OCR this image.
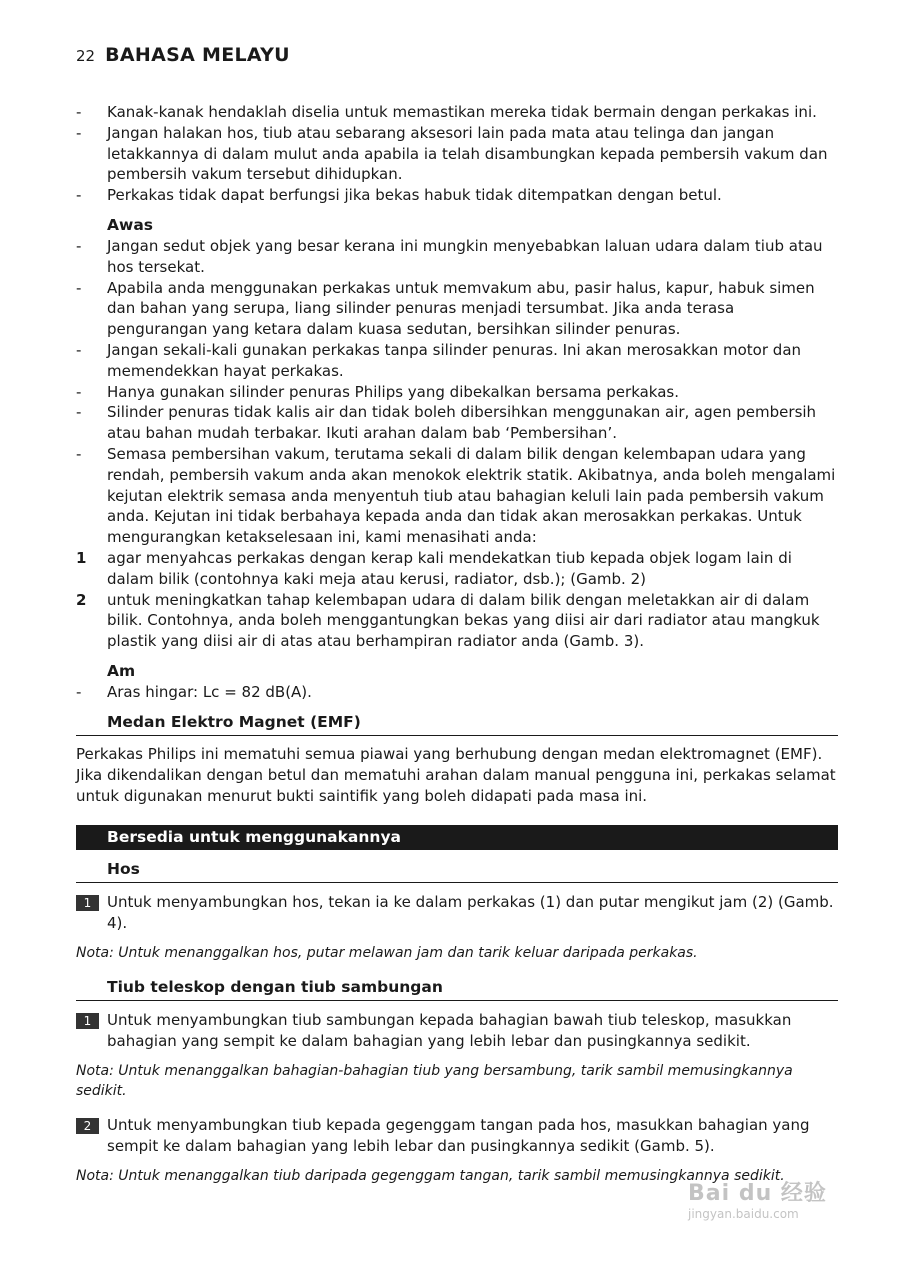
22 BAHASA MELAYU

-	Kanak-kanak hendaklah diselia untuk memastikan mereka tidak bermain dengan perkakas ini.

-	Jangan halakan hos, tiub atau sebarang aksesori lain pada mata atau telinga dan jangan letakkannya di dalam mulut anda apabila ia telah disambungkan kepada pembersih vakum dan pembersih vakum tersebut dihidupkan.

-	Perkakas tidak dapat berfungsi jika bekas habuk tidak ditempatkan dengan betul.

Awas

-	Jangan sedut objek yang besar kerana ini mungkin menyebabkan laluan udara dalam tiub atau hos tersekat.

-	Apabila anda menggunakan perkakas untuk memvakum abu, pasir halus, kapur, habuk simen dan bahan yang serupa, liang silinder penuras menjadi tersumbat. Jika anda terasa pengurangan yang ketara dalam kuasa sedutan, bersihkan silinder penuras.

-	Jangan sekali-kali gunakan perkakas tanpa silinder penuras. Ini akan merosakkan motor dan memendekkan hayat perkakas.

-	Hanya gunakan silinder penuras Philips yang dibekalkan bersama perkakas.

-	Silinder penuras tidak kalis air dan tidak boleh dibersihkan menggunakan air, agen pembersih atau bahan mudah terbakar. Ikuti arahan dalam bab ‘Pembersihan’.

-	Semasa pembersihan vakum, terutama sekali di dalam bilik dengan kelembapan udara yang rendah, pembersih vakum anda akan menokok elektrik statik. Akibatnya, anda boleh mengalami kejutan elektrik semasa anda menyentuh tiub atau bahagian keluli lain pada pembersih vakum anda. Kejutan ini tidak berbahaya kepada anda dan tidak akan merosakkan perkakas. Untuk mengurangkan ketakselesaan ini, kami menasihati anda:

1	agar menyahcas perkakas dengan kerap kali mendekatkan tiub kepada objek logam lain di dalam bilik (contohnya kaki meja atau kerusi, radiator, dsb.); (Gamb. 2)

2	untuk meningkatkan tahap kelembapan udara di dalam bilik dengan meletakkan air di dalam bilik. Contohnya, anda boleh menggantungkan bekas yang diisi air dari radiator atau mangkuk plastik yang diisi air di atas atau berhampiran radiator anda (Gamb. 3).

Am

-	Aras hingar: Lc = 82 dB(A).

Medan Elektro Magnet (EMF)

Perkakas Philips ini mematuhi semua piawai yang berhubung dengan medan elektromagnet (EMF). Jika dikendalikan dengan betul dan mematuhi arahan dalam manual pengguna ini, perkakas selamat untuk digunakan menurut bukti saintifik yang boleh didapati pada masa ini.

Bersedia untuk menggunakannya
Hos
1	Untuk menyambungkan hos, tekan ia ke dalam perkakas (1) dan putar mengikut jam (2) (Gamb. 4).

Nota: Untuk menanggalkan hos, putar melawan jam dan tarik keluar daripada perkakas.

Tiub teleskop dengan tiub sambungan
1	Untuk menyambungkan tiub sambungan kepada bahagian bawah tiub teleskop, masukkan bahagian yang sempit ke dalam bahagian yang lebih lebar dan pusingkannya sedikit.

Nota: Untuk menanggalkan bahagian-bahagian tiub yang bersambung, tarik sambil memusingkannya sedikit.

2	Untuk menyambungkan tiub kepada gegenggam tangan pada hos, masukkan bahagian yang sempit ke dalam bahagian yang lebih lebar dan pusingkannya sedikit (Gamb. 5).

Nota: Untuk menanggalkan tiub daripada gegenggam tangan, tarik sambil memusingkannya sedikit.

Bai du 经验
jingyan.baidu.com
